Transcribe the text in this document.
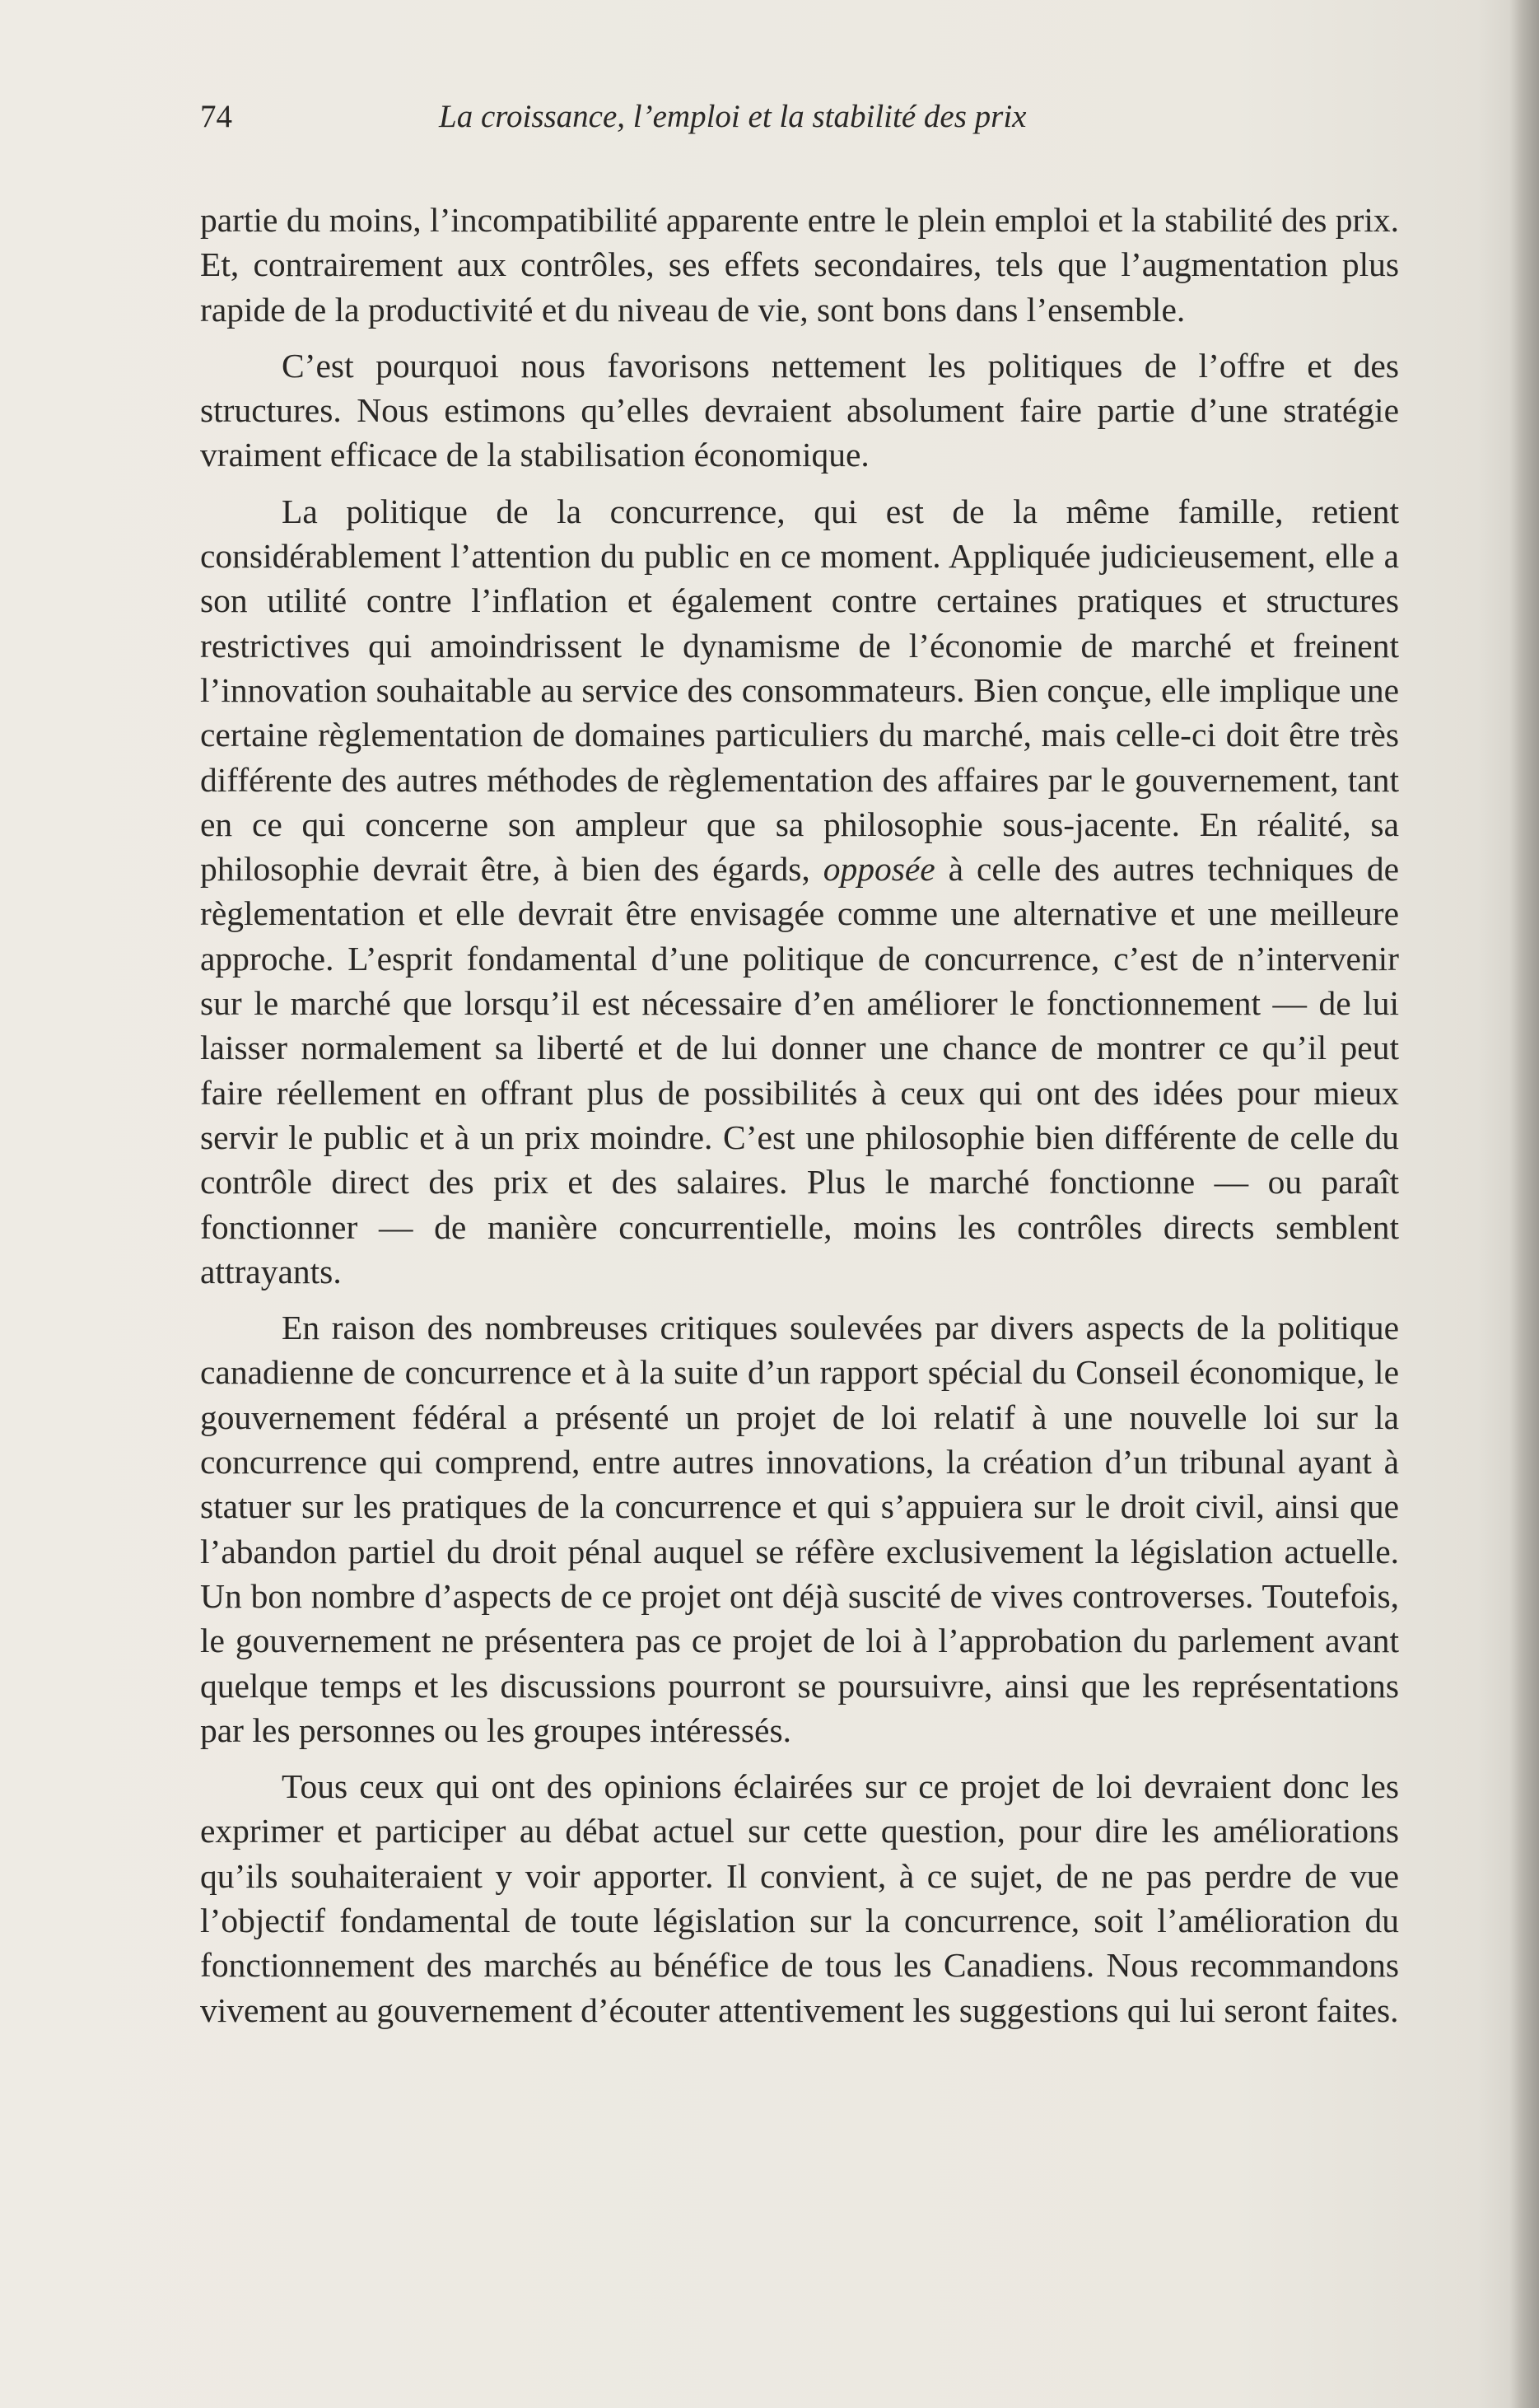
74	La croissance, l’emploi et la stabilité des prix

partie du moins, l’incompatibilité apparente entre le plein emploi et la stabilité des prix. Et, contrairement aux contrôles, ses effets secondaires, tels que l’augmentation plus rapide de la productivité et du niveau de vie, sont bons dans l’ensemble.

C’est pourquoi nous favorisons nettement les politiques de l’offre et des structures. Nous estimons qu’elles devraient absolument faire partie d’une stratégie vraiment efficace de la stabilisation économique.

La politique de la concurrence, qui est de la même famille, retient considérablement l’attention du public en ce moment. Appliquée judicieusement, elle a son utilité contre l’inflation et également contre certaines pratiques et structures restrictives qui amoindrissent le dynamisme de l’économie de marché et freinent l’innovation souhaitable au service des consommateurs. Bien conçue, elle implique une certaine règlementation de domaines particuliers du marché, mais celle-ci doit être très différente des autres méthodes de règlementation des affaires par le gouvernement, tant en ce qui concerne son ampleur que sa philosophie sous-jacente. En réalité, sa philosophie devrait être, à bien des égards, opposée à celle des autres techniques de règlementation et elle devrait être envisagée comme une alternative et une meilleure approche. L’esprit fondamental d’une politique de concurrence, c’est de n’intervenir sur le marché que lorsqu’il est nécessaire d’en améliorer le fonctionnement — de lui laisser normalement sa liberté et de lui donner une chance de montrer ce qu’il peut faire réellement en offrant plus de possibilités à ceux qui ont des idées pour mieux servir le public et à un prix moindre. C’est une philosophie bien différente de celle du contrôle direct des prix et des salaires. Plus le marché fonctionne — ou paraît fonctionner — de manière concurrentielle, moins les contrôles directs semblent attrayants.

En raison des nombreuses critiques soulevées par divers aspects de la politique canadienne de concurrence et à la suite d’un rapport spécial du Conseil économique, le gouvernement fédéral a présenté un projet de loi relatif à une nouvelle loi sur la concurrence qui comprend, entre autres innovations, la création d’un tribunal ayant à statuer sur les pratiques de la concurrence et qui s’appuiera sur le droit civil, ainsi que l’abandon partiel du droit pénal auquel se réfère exclusivement la législation actuelle. Un bon nombre d’aspects de ce projet ont déjà suscité de vives controverses. Toutefois, le gouvernement ne présentera pas ce projet de loi à l’approbation du parlement avant quelque temps et les discussions pourront se poursuivre, ainsi que les représentations par les personnes ou les groupes intéressés.

Tous ceux qui ont des opinions éclairées sur ce projet de loi devraient donc les exprimer et participer au débat actuel sur cette question, pour dire les améliorations qu’ils souhaiteraient y voir apporter. Il convient, à ce sujet, de ne pas perdre de vue l’objectif fondamental de toute législation sur la concurrence, soit l’amélioration du fonctionnement des marchés au bénéfice de tous les Canadiens. Nous recommandons vivement au gouvernement d’écouter attentivement les suggestions qui lui seront faites.
